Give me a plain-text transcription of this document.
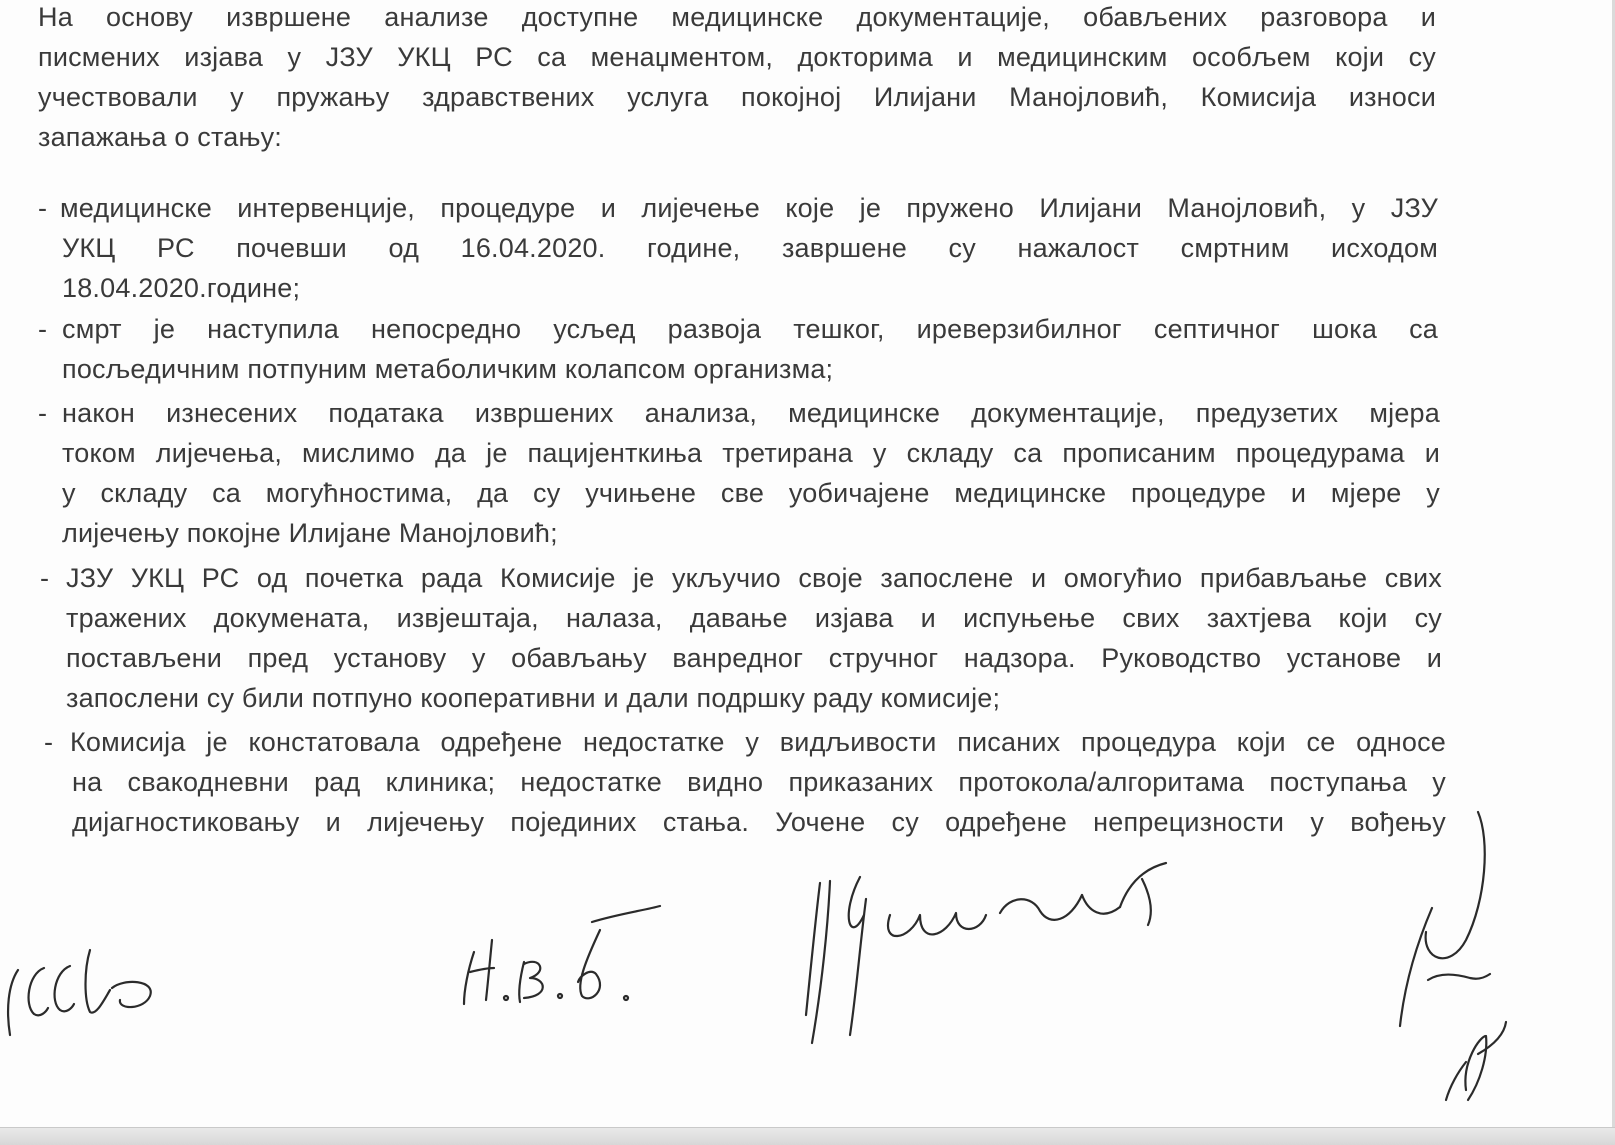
На основу извршене анализе доступне медицинске документације, обављених разговора и
писмених изјава у ЈЗУ УКЦ РС са менаџментом, докторима и медицинским особљем који су
учествовали у пружању здравствених услуга покојној Илијани Манојловић, Комисија износи
запажања о стању:
- медицинске интервенције, процедуре и лијечење које је пружено Илијани Манојловић, у ЈЗУ
УКЦ РС почевши од 16.04.2020. године, завршене су нажалост смртним исходом
18.04.2020.године;
- смрт је наступила непосредно усљед развоја тешког, иреверзибилног септичног шока са
посљедичним потпуним метаболичким колапсом организма;
- након изнесених података извршених анализа, медицинске документације, предузетих мјера
током лијечења, мислимо да је пацијенткиња третирана у складу са прописаним процедурама и
у складу са могућностима, да су учињене све уобичајене медицинске процедуре и мјере у
лијечењу покојне Илијане Манојловић;
- ЈЗУ УКЦ РС од почетка рада Комисије је укључио своје запослене и омогућио прибављање свих
тражених докумената, извјештаја, налаза, давање изјава и испуњење свих захтјева који су
постављени пред установу у обављању ванредног стручног надзора. Руководство установе и
запослени су били потпуно кооперативни и дали подршку раду комисије;
- Комисија је констатовала одређене недостатке у видљивости писаних процедура који се односе
на свакодневни рад клиника; недостатке видно приказаних протокола/алгоритама поступања у
дијагностиковању и лијечењу појединих стања. Уочене су одређене непрецизности у вођењу
